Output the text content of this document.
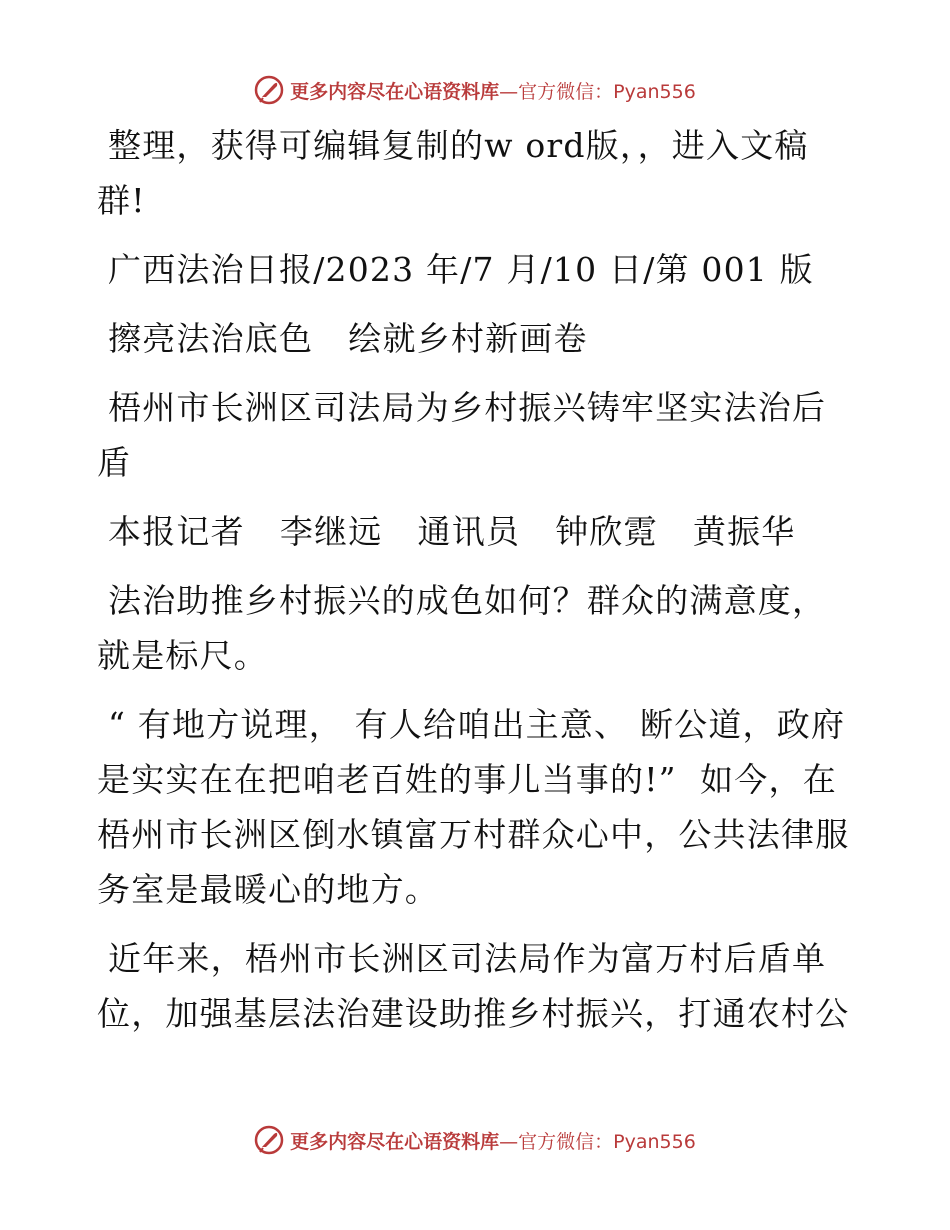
更多内容尽在心语资料库 —官方微信：Pyan556

整理，获得可编辑复制的w ord版，，进入文稿群!

广西法治日报/2023 年/7 月/10 日/第 001 版

擦亮法治底色   绘就乡村新画卷

梧州市长洲区司法局为乡村振兴铸牢坚实法治后盾

本报记者   李继远   通讯员   钟欣霓   黄振华

法治助推乡村振兴的成色如何？群众的满意度，就是标尺。

“ 有地方说理， 有人给咱出主意、 断公道，政府是实实在在把咱老百姓的事儿当事的!”  如今，在梧州市长洲区倒水镇富万村群众心中，公共法律服务室是最暖心的地方。

近年来，梧州市长洲区司法局作为富万村后盾单位，加强基层法治建设助推乡村振兴，打通农村公

更多内容尽在心语资料库 —官方微信：Pyan556
